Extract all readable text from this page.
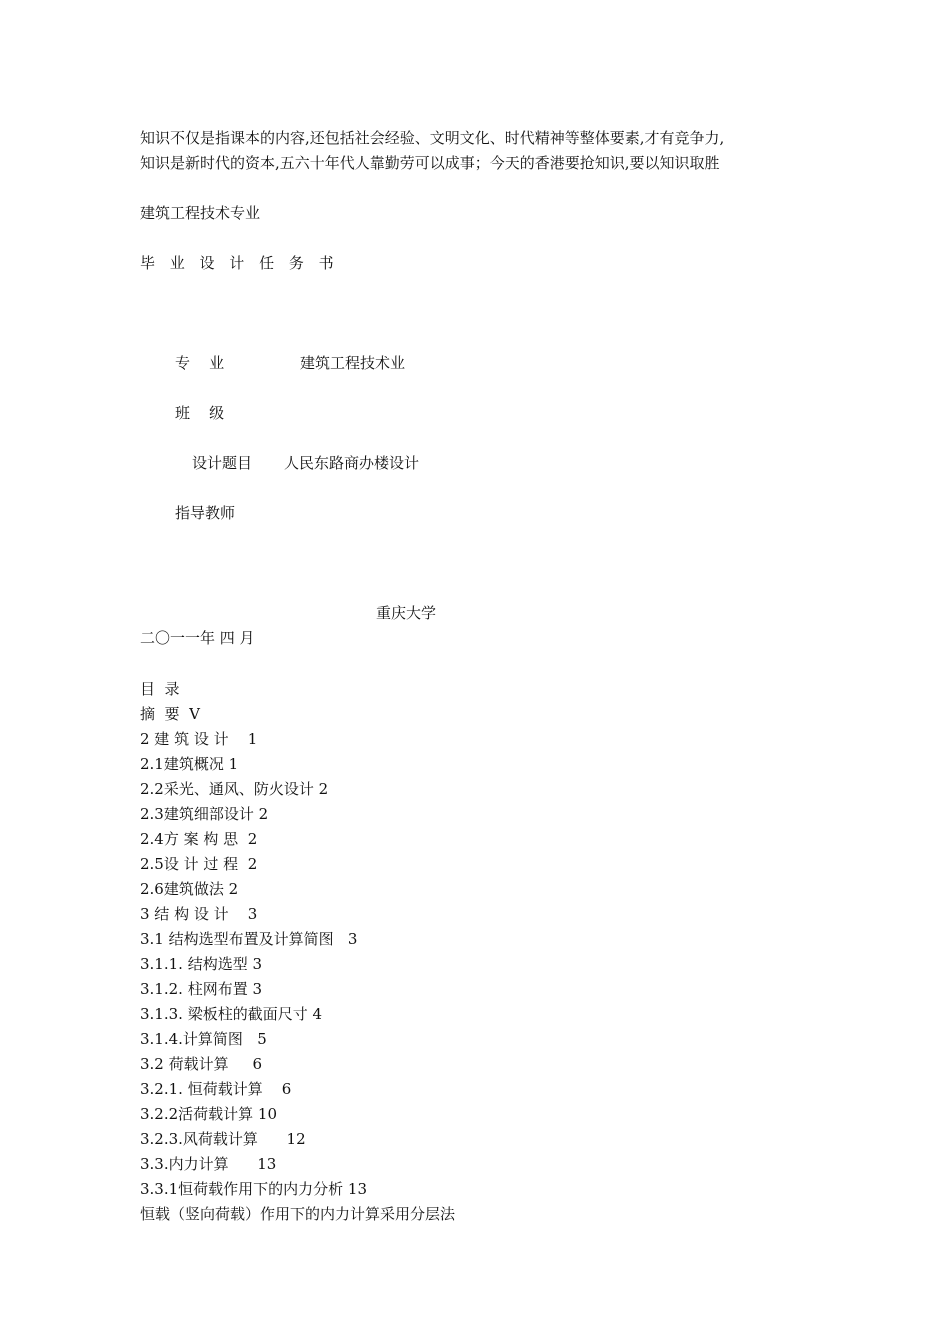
知识不仅是指课本的内容,还包括社会经验、文明文化、时代精神等整体要素,才有竞争力,
知识是新时代的资本,五六十年代人靠勤劳可以成事；今天的香港要抢知识,要以知识取胜
建筑工程技术专业
毕 业 设 计 任 务 书
专    业	建筑工程技术业
班    级
设计题目 人民东路商办楼设计
指导教师
重庆大学
二〇一一年 四 月
目  录
摘  要  V
2 建 筑 设 计    1
2.1建筑概况 1
2.2采光、通风、防火设计 2
2.3建筑细部设计 2
2.4方 案 构 思  2
2.5设 计 过 程  2
2.6建筑做法 2
3 结 构 设 计    3
3.1 结构选型布置及计算简图   3
3.1.1. 结构选型 3
3.1.2. 柱网布置 3
3.1.3. 梁板柱的截面尺寸 4
3.1.4.计算简图   5
3.2 荷载计算     6
3.2.1. 恒荷载计算    6
3.2.2活荷载计算 10
3.2.3.风荷载计算      12
3.3.内力计算      13
3.3.1恒荷载作用下的内力分析 13
恒载（竖向荷载）作用下的内力计算采用分层法
